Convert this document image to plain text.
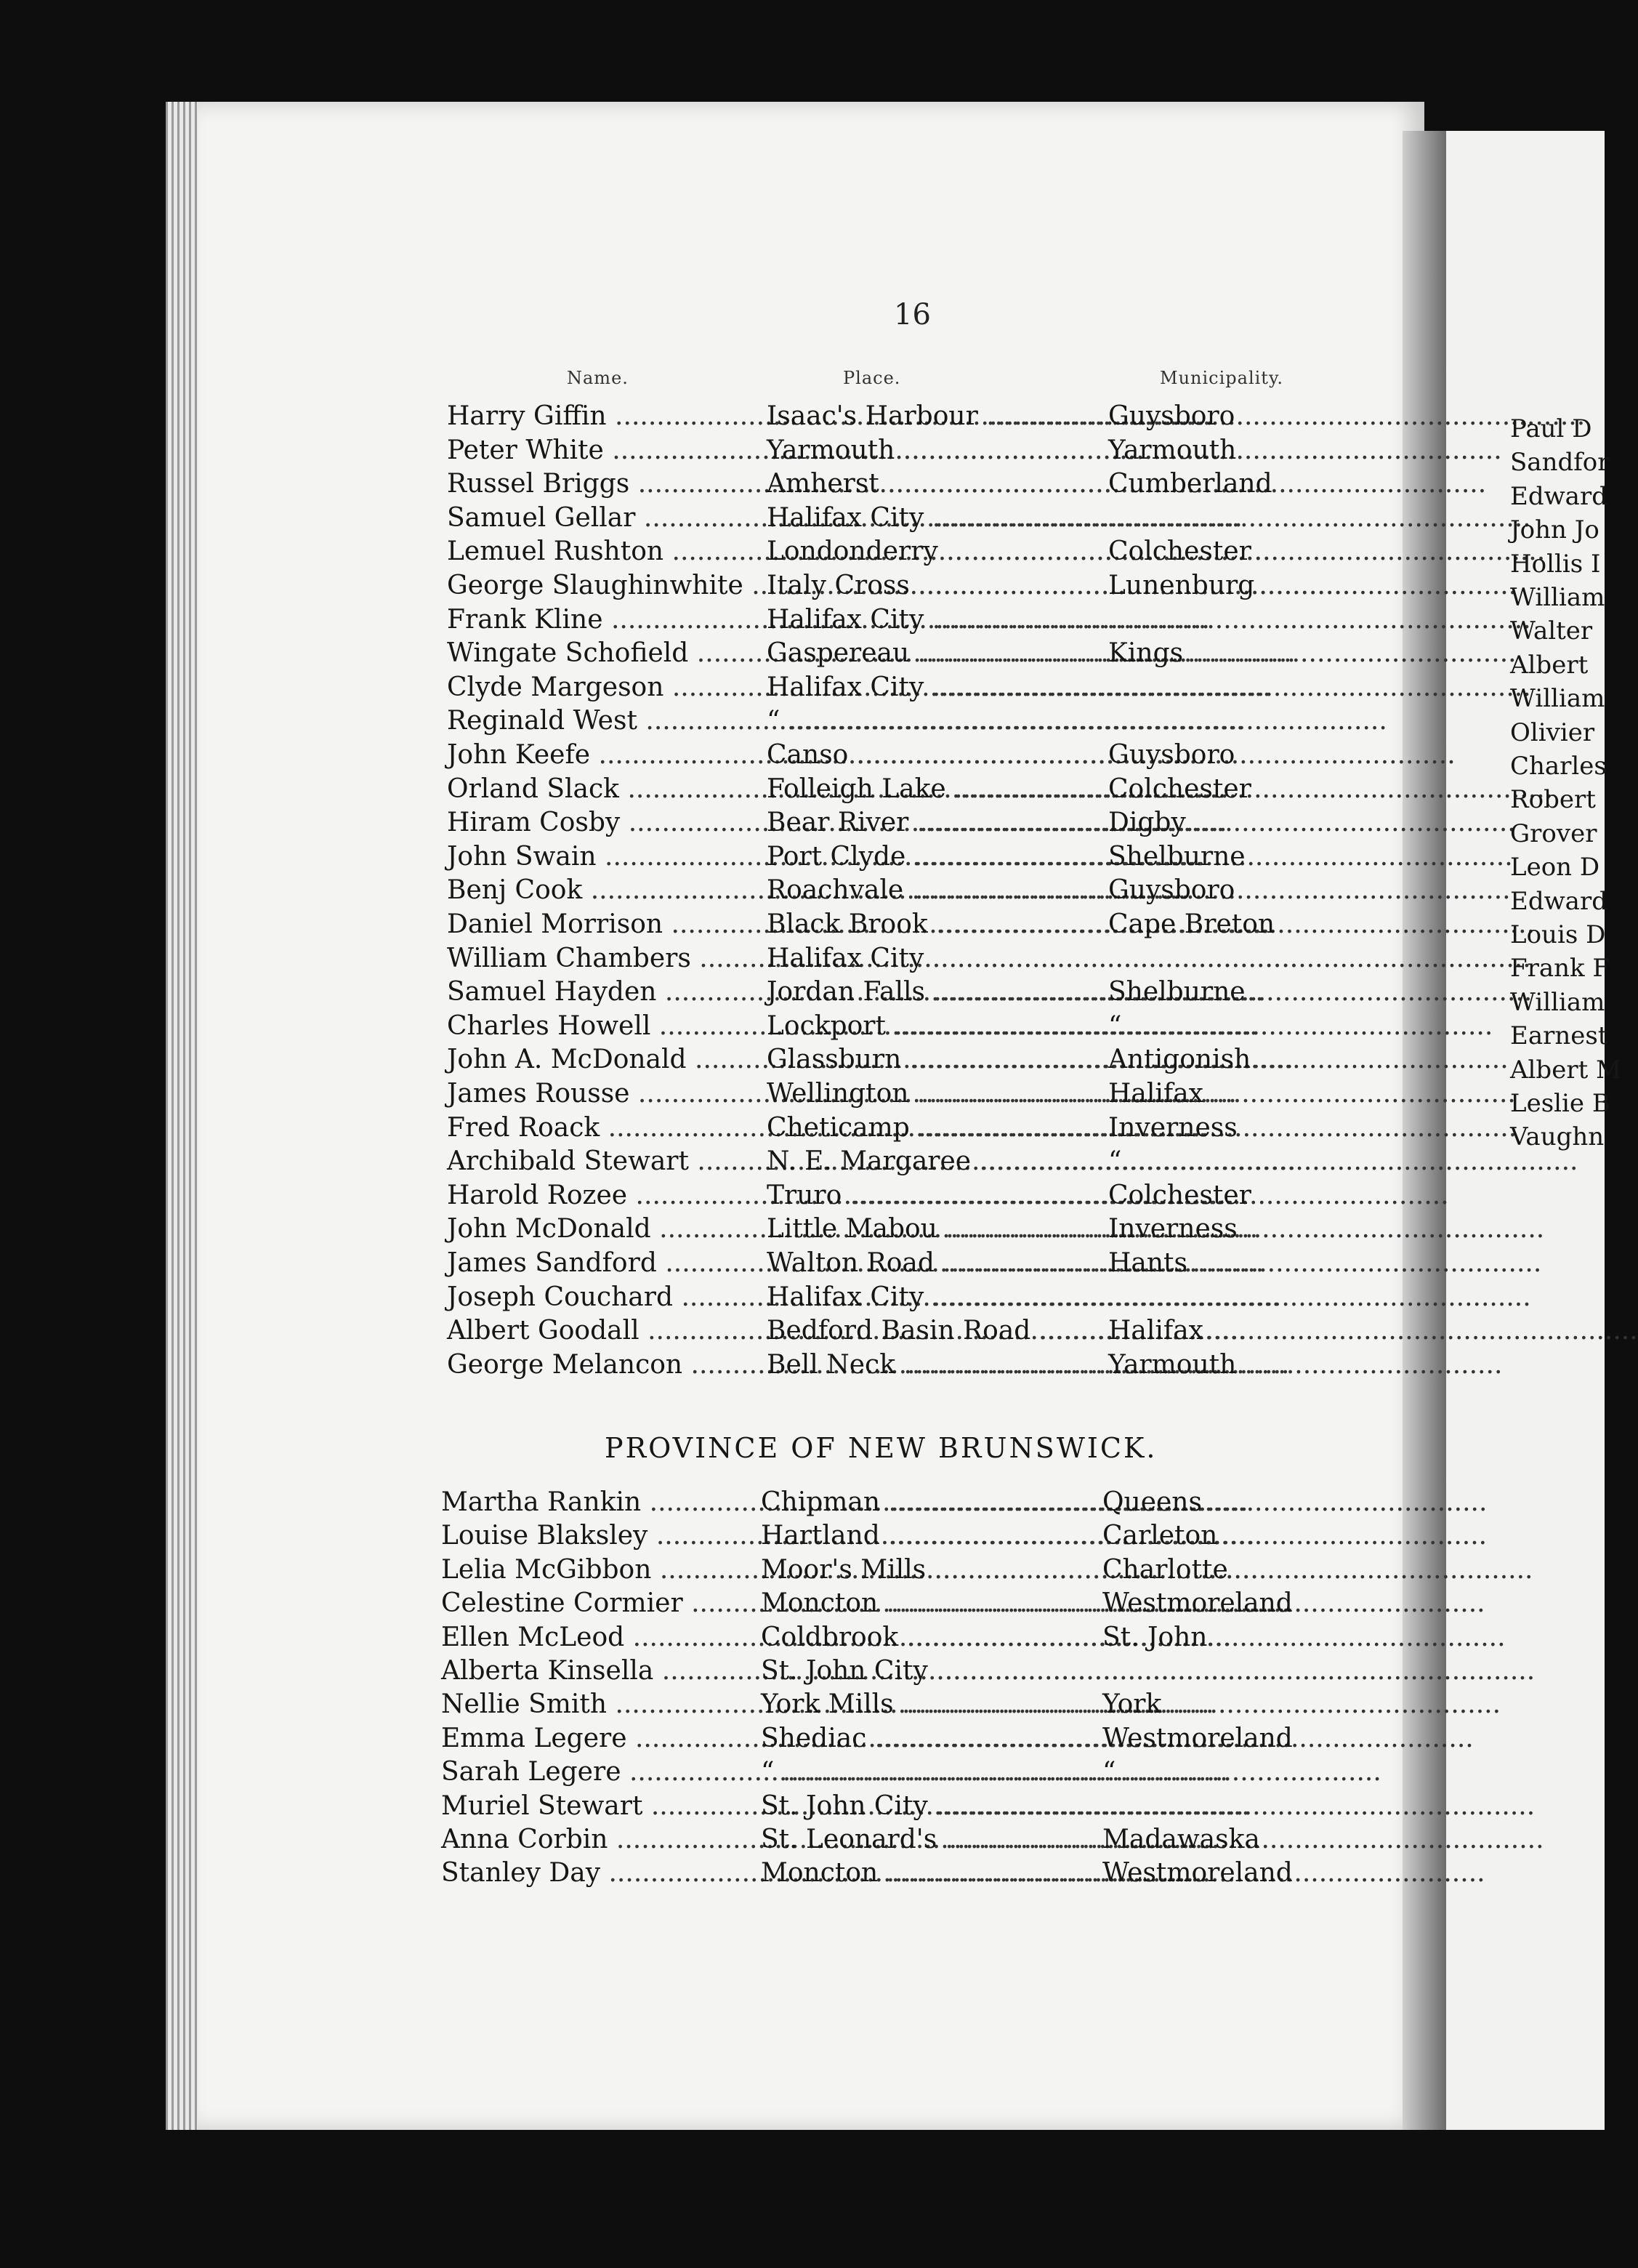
16
Name.	Place.	Municipality.
Harry Giffin .....	Isaac's Harbour .....	Guysboro
Peter White .....	Yarmouth .....	Yarmouth
Russel Briggs .....	Amherst .....	Cumberland
Samuel Gellar .....	Halifax City .....
Lemuel Rushton .....	Londonderry .....	Colchester
George Slaughinwhite ..... Italy Cross .....	Lunenburg
Frank Kline .....	Halifax City .....
Wingate Schofield .....	Gaspereau .....	Kings
Clyde Margeson .....	Halifax City .....
Reginald West .....	“ .....
John Keefe .....	Canso .....	Guysboro
Orland Slack .....	Folleigh Lake .....	Colchester
Hiram Cosby .....	Bear River .....	Digby
John Swain .....	Port Clyde .....	Shelburne
Benj Cook .....	Roachvale .....	Guysboro
Daniel Morrison .....	Black Brook .....	Cape Breton
William Chambers .....	Halifax City .....
Samuel Hayden .....	Jordan Falls .....	Shelburne
Charles Howell .....	Lockport .....	“
John A. McDonald .....	Glassburn .....	Antigonish
James Rousse .....	Wellington .....	Halifax
Fred Roack .....	Cheticamp .....	Inverness
Archibald Stewart .....	N. E. Margaree .....	“
Harold Rozee .....	Truro .....	Colchester
John McDonald .....	Little Mabou .....	Inverness
James Sandford .....	Walton Road .....	Hants
Joseph Couchard .....	Halifax City .....
Albert Goodall .....	Bedford Basin Road .....	Halifax
George Melancon .....	Bell Neck .....	Yarmouth
PROVINCE OF NEW BRUNSWICK.
Martha Rankin .....	Chipman .....	Queens
Louise Blaksley .....	Hartland .....	Carleton
Lelia McGibbon .....	Moor's Mills .....	Charlotte
Celestine Cormier .....	Moncton .....	Westmoreland
Ellen McLeod .....	Coldbrook .....	St. John
Alberta Kinsella .....	St. John City .....
Nellie Smith .....	York Mills .....	York
Emma Legere .....	Shediac .....	Westmoreland
Sarah Legere .....	“ .....	“
Muriel Stewart .....	St. John City .....
Anna Corbin .....	St. Leonard's .....	Madawaska
Stanley Day .....	Moncton .....	Westmoreland
Paul D
Sandfor
Edward
John Jo
Hollis I
William
Walter
Albert
William
Olivier
Charles
Robert
Grover
Leon D
Edward
Louis D
Frank F
William
Earnest
Albert M
Leslie B
Vaughn
